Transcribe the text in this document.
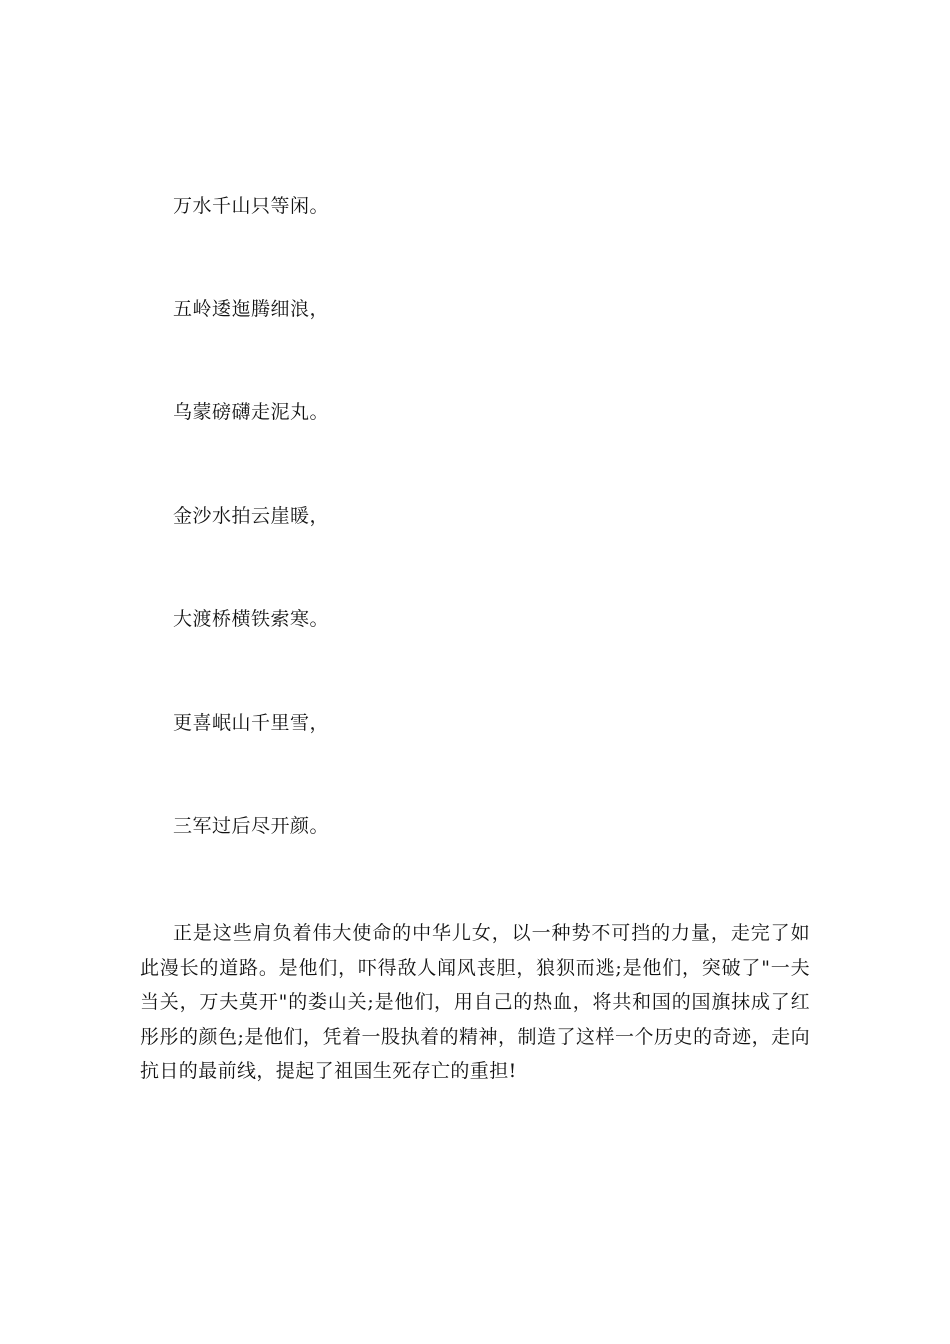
万水千山只等闲。
五岭逶迤腾细浪，
乌蒙磅礴走泥丸。
金沙水拍云崖暖，
大渡桥横铁索寒。
更喜岷山千里雪，
三军过后尽开颜。

正是这些肩负着伟大使命的中华儿女，以一种势不可挡的力量，走完了如此漫长的道路。是他们，吓得敌人闻风丧胆，狼狈而逃;是他们，突破了"一夫当关，万夫莫开"的娄山关;是他们，用自己的热血，将共和国的国旗抹成了红彤彤的颜色;是他们，凭着一股执着的精神，制造了这样一个历史的奇迹，走向抗日的最前线，提起了祖国生死存亡的重担!
